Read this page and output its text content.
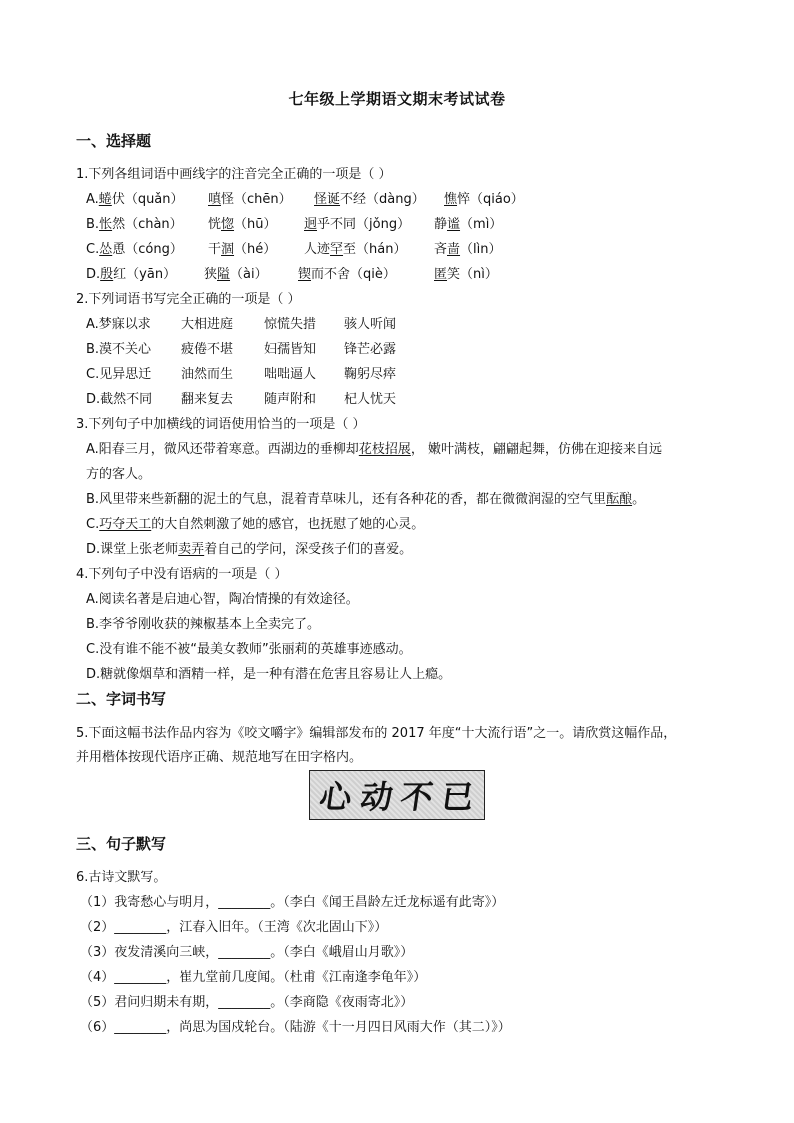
七年级上学期语文期末考试试卷
一、选择题
1.下列各组词语中画线字的注音完全正确的一项是（ ）
A.蜷伏（quǎn） 嗔怪（chēn） 怪诞不经（dàng） 憔悴（qiáo）
B.怅然（chàn） 恍惚（hū） 迥乎不同（jǒng） 静谧（mì）
C.怂恿（cóng） 干涸（hé） 人迹罕至（hán） 吝啬（lìn）
D.殷红（yān） 狭隘（ài） 锲而不舍（qiè）	匿笑（nì）
2.下列词语书写完全正确的一项是（ ）
A.梦寐以求 大相进庭 惊慌失措 骇人听闻
B.漠不关心 疲倦不堪 妇孺皆知 锋芒必露
C.见异思迁 油然而生 咄咄逼人 鞠躬尽瘁
D.截然不同 翻来复去 随声附和 杞人忧天
3.下列句子中加横线的词语使用恰当的一项是（ ）
A.阳春三月，微风还带着寒意。西湖边的垂柳却花枝招展， 嫩叶满枝，翩翩起舞，仿佛在迎接来自远
方的客人。
B.风里带来些新翻的泥土的气息，混着青草味儿，还有各种花的香，都在微微润湿的空气里酝酿。
C.巧夺天工的大自然刺激了她的感官，也抚慰了她的心灵。
D.课堂上张老师卖弄着自己的学问，深受孩子们的喜爱。
4.下列句子中没有语病的一项是（ ）
A.阅读名著是启迪心智，陶冶情操的有效途径。
B.李爷爷刚收获的辣椒基本上全卖完了。
C.没有谁不能不被“最美女教师”张丽莉的英雄事迹感动。
D.糖就像烟草和酒精一样，是一种有潜在危害且容易让人上瘾。
二、字词书写
5.下面这幅书法作品内容为《咬文嚼字》编辑部发布的 2017 年度“十大流行语”之一。请欣赏这幅作品，
并用楷体按现代语序正确、规范地写在田字格内。
心 动 不 已
三、句子默写
6.古诗文默写。
（1）我寄愁心与明月，________。（李白《闻王昌龄左迁龙标遥有此寄》）
（2）________，江春入旧年。（王湾《次北固山下》）
（3）夜发清溪向三峡，________。（李白《峨眉山月歌》）
（4）________，崔九堂前几度闻。（杜甫《江南逢李龟年》）
（5）君问归期未有期，________。（李商隐《夜雨寄北》）
（6）________，尚思为国戍轮台。（陆游《十一月四日风雨大作（其二）》）
